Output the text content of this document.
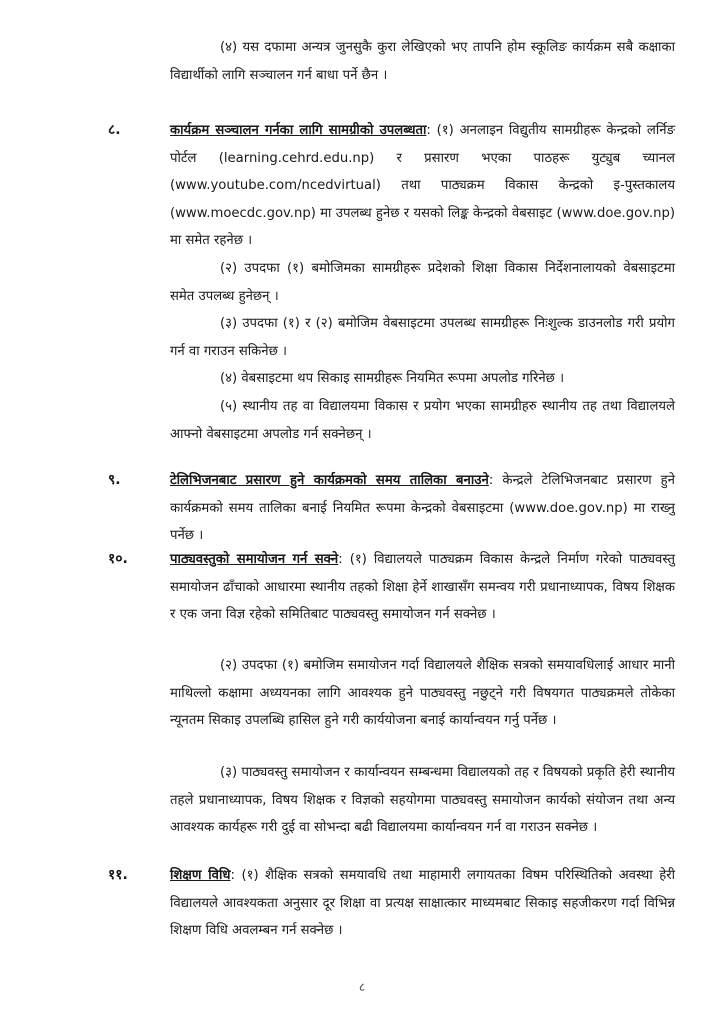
(४) यस दफामा अन्यत्र जुनसुकै कुरा लेखिएको भए तापनि होम स्कूलिङ कार्यक्रम सबै कक्षाका विद्यार्थीको लागि सञ्चालन गर्न बाधा पर्ने छैन ।

८.	कार्यक्रम सञ्चालन गर्नका लागि सामग्रीको उपलब्धता: (१) अनलाइन विद्युतीय सामग्रीहरू केन्द्रको लर्निङ पोर्टल (learning.cehrd.edu.np) र प्रसारण भएका पाठहरू युट्युब च्यानल (www.youtube.com/ncedvirtual) तथा पाठ्यक्रम विकास केन्द्रको इ-पुस्तकालय (www.moecdc.gov.np) मा उपलब्ध हुनेछ र यसको लिङ्क केन्द्रको वेबसाइट (www.doe.gov.np) मा समेत रहनेछ ।

(२) उपदफा (१) बमोजिमका सामग्रीहरू प्रदेशको शिक्षा विकास निर्देशनालायको वेबसाइटमा समेत उपलब्ध हुनेछन् ।

(३) उपदफा (१) र (२) बमोजिम वेबसाइटमा उपलब्ध सामग्रीहरू निःशुल्क डाउनलोड गरी प्रयोग गर्न वा गराउन सकिनेछ ।

(४) वेबसाइटमा थप सिकाइ सामग्रीहरू नियमित रूपमा अपलोड गरिनेछ ।

(५) स्थानीय तह वा विद्यालयमा विकास र प्रयोग भएका सामग्रीहरु स्थानीय तह तथा विद्यालयले आफ्नो वेबसाइटमा अपलोड गर्न सक्नेछन् ।

९.	टेलिभिजनबाट प्रसारण हुने कार्यक्रमको समय तालिका बनाउने: केन्द्रले टेलिभिजनबाट प्रसारण हुने कार्यक्रमको समय तालिका बनाई नियमित रूपमा केन्द्रको वेबसाइटमा (www.doe.gov.np) मा राख्नु पर्नेछ ।

१०.	पाठ्यवस्तुको समायोजन गर्न सक्ने: (१) विद्यालयले पाठ्यक्रम विकास केन्द्रले निर्माण गरेको पाठ्यवस्तु समायोजन ढाँचाको आधारमा स्थानीय तहको शिक्षा हेर्ने शाखासँग समन्वय गरी प्रधानाध्यापक, विषय शिक्षक र एक जना विज्ञ रहेको समितिबाट पाठ्यवस्तु समायोजन गर्न सक्नेछ ।

(२) उपदफा (१) बमोजिम समायोजन गर्दा विद्यालयले शैक्षिक सत्रको समयावधिलाई आधार मानी माथिल्लो कक्षामा अध्ययनका लागि आवश्यक हुने पाठ्यवस्तु नछुट्ने गरी विषयगत पाठ्यक्रमले तोकेका न्यूनतम सिकाइ उपलब्धि हासिल हुने गरी कार्ययोजना बनाई कार्यान्वयन गर्नु पर्नेछ ।

(३) पाठ्यवस्तु समायोजन र कार्यान्वयन सम्बन्धमा विद्यालयको तह र विषयको प्रकृति हेरी स्थानीय तहले प्रधानाध्यापक, विषय शिक्षक र विज्ञको सहयोगमा पाठ्यवस्तु समायोजन कार्यको संयोजन तथा अन्य आवश्यक कार्यहरू गरी दुई वा सोभन्दा बढी विद्यालयमा कार्यान्वयन गर्न वा गराउन सक्नेछ ।

११.	शिक्षण विधि: (१) शैक्षिक सत्रको समयावधि तथा माहामारी लगायतका विषम परिस्थितिको अवस्था हेरी विद्यालयले आवश्यकता अनुसार दूर शिक्षा वा प्रत्यक्ष साक्षात्कार माध्यमबाट सिकाइ सहजीकरण गर्दा विभिन्न शिक्षण विधि अवलम्बन गर्न सक्नेछ ।

८
